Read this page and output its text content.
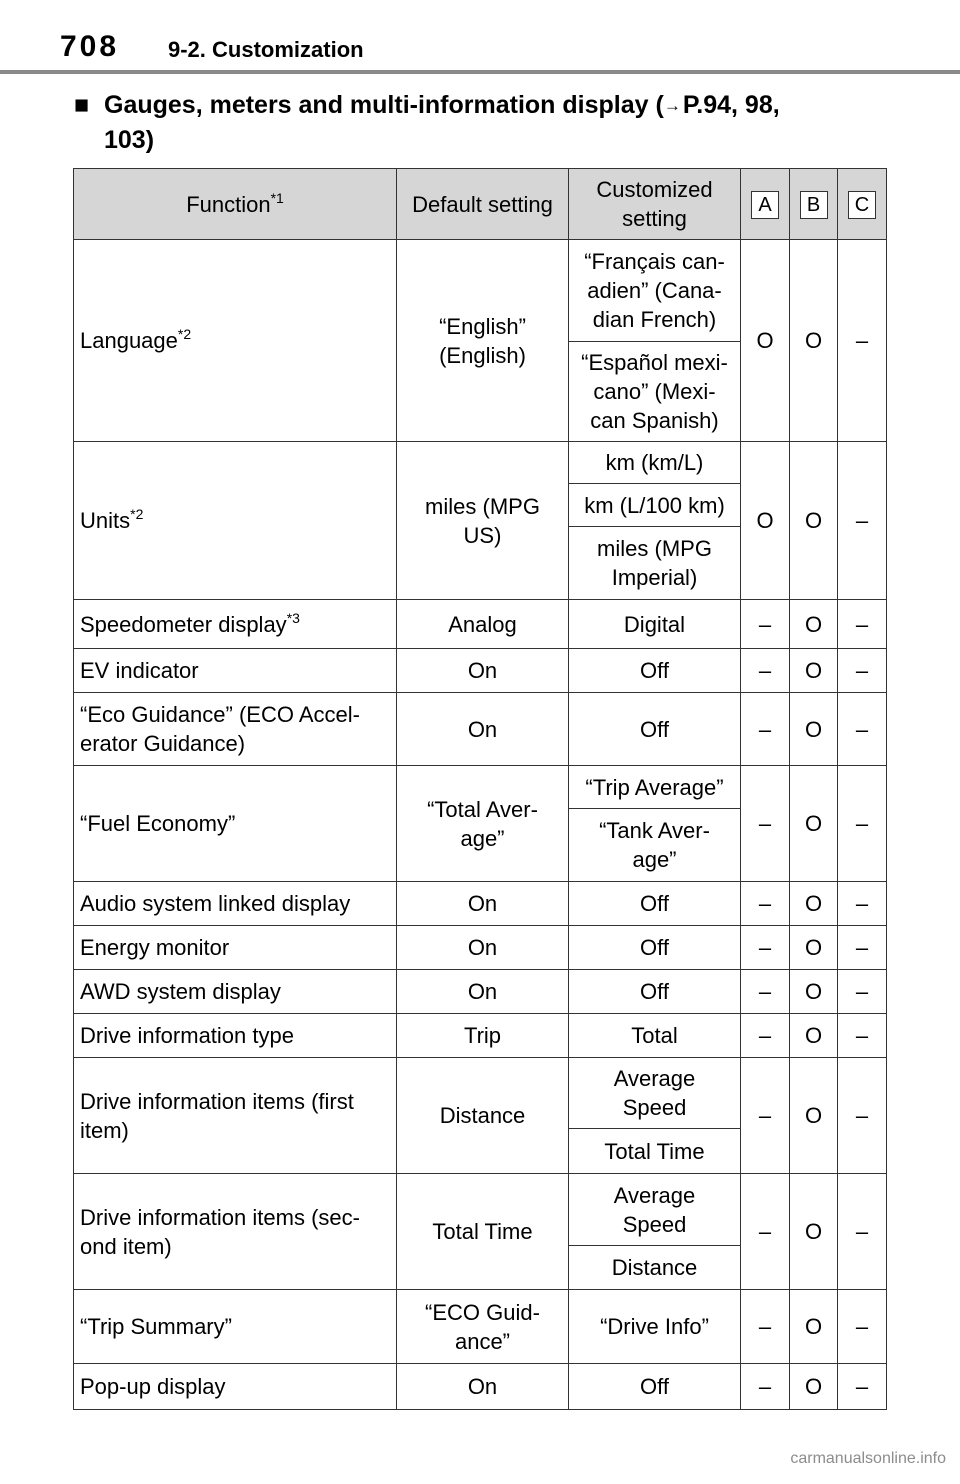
708 9-2. Customization
■ Gauges, meters and multi-information display (→P.94, 98,
103)
Function$^{*1}$	Default setting	Customized
setting	A	B	C
Language$^{*2}$	“English”
(English)	“Français can-
adien” (Cana-
dian French)	O	O	–
		“Español mexi-
cano” (Mexi-
can Spanish)			
Units$^{*2}$	miles (MPG
US)	km (km/L)	O	O	–
		km (L/100 km)			
		miles (MPG
Imperial)			
Speedometer display$^{*3}$	Analog	Digital	–	O	–
EV indicator	On	Off	–	O	–
“Eco Guidance” (ECO Accel-
erator Guidance)	On	Off	–	O	–
“Fuel Economy”	“Total Aver-
age”	“Trip Average”	–	O	–
		“Tank Aver-
age”			
Audio system linked display	On	Off	–	O	–
Energy monitor	On	Off	–	O	–
AWD system display	On	Off	–	O	–
Drive information type	Trip	Total	–	O	–
Drive information items (first
item)	Distance	Average
Speed	–	O	–
		Total Time			
Drive information items (sec-
ond item)	Total Time	Average
Speed	–	O	–
		Distance			
“Trip Summary”	“ECO Guid-
ance”	“Drive Info”	–	O	–
Pop-up display	On	Off	–	O	–
carmanualsonline.info
